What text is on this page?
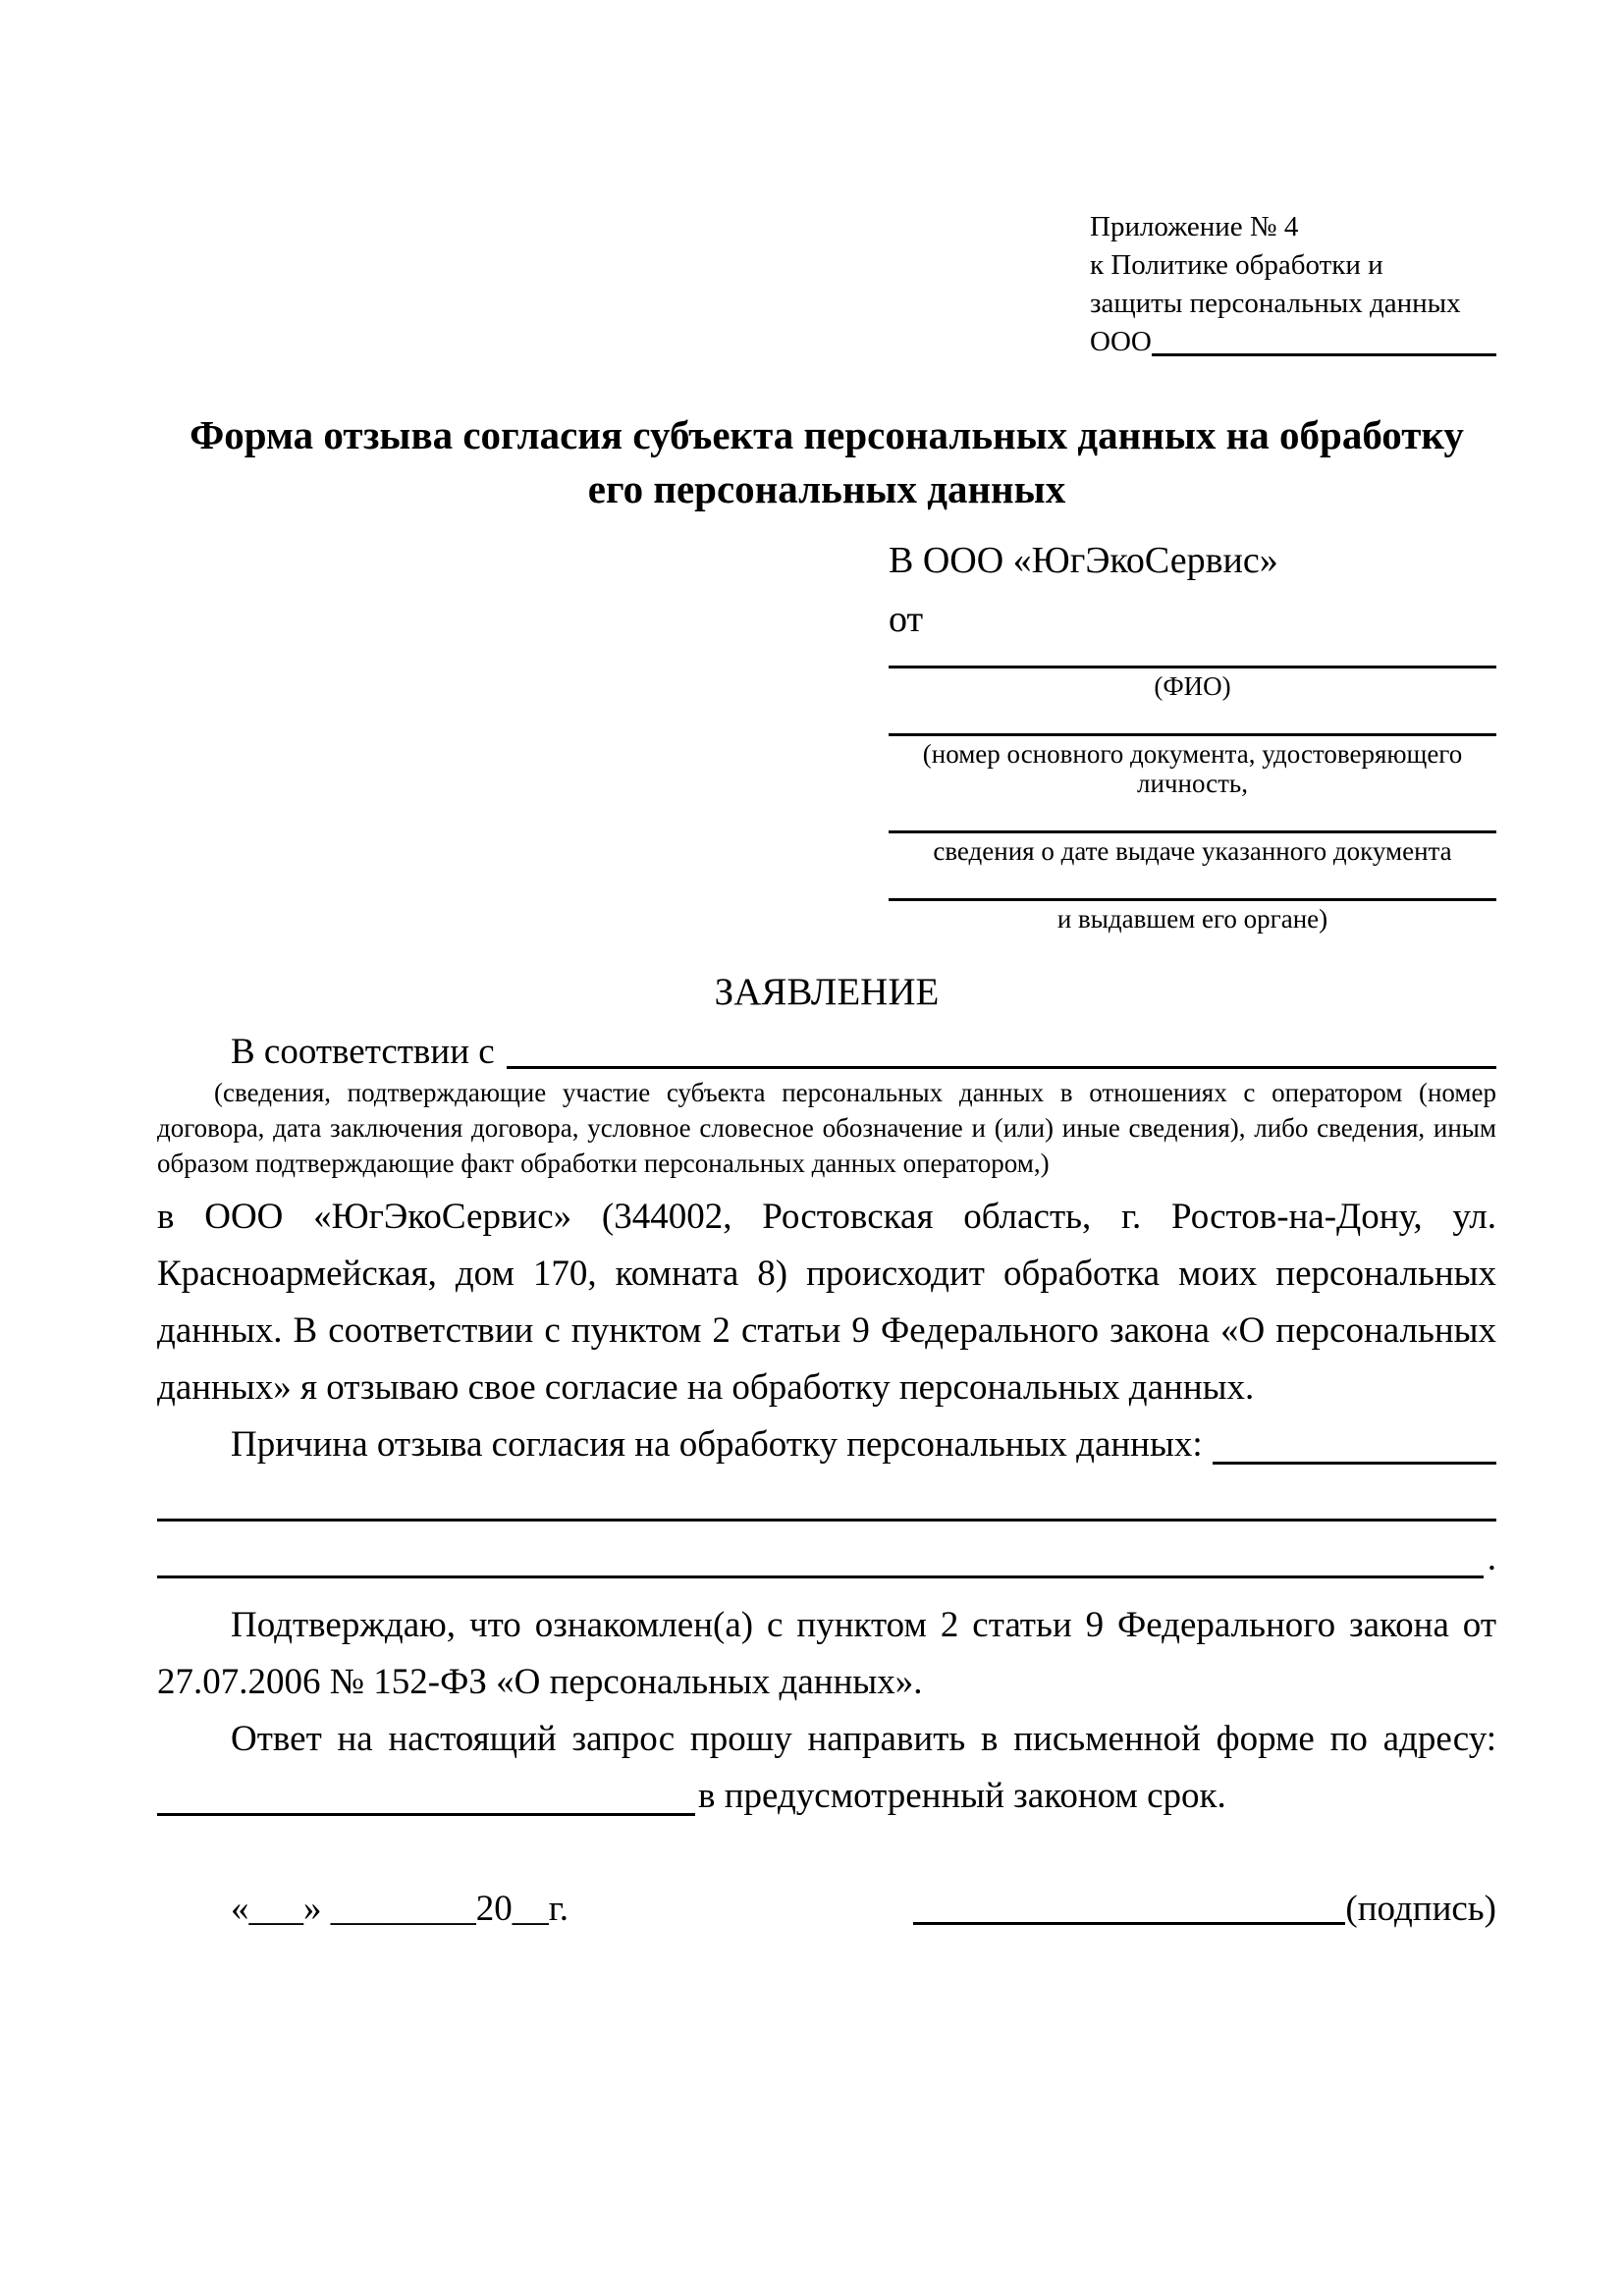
Приложение № 4
к Политике обработки и
защиты персональных данных
ООО
Форма отзыва согласия субъекта персональных данных на обработку его персональных данных
В ООО «ЮгЭкоСервис»
от
(ФИО)
(номер основного документа, удостоверяющего личность,
сведения о дате выдаче указанного документа
и выдавшем его органе)
ЗАЯВЛЕНИЕ
В соответствии с
(сведения, подтверждающие участие субъекта персональных данных в отношениях с оператором (номер договора, дата заключения договора, условное словесное обозначение и (или) иные сведения), либо сведения, иным образом подтверждающие факт обработки персональных данных оператором,)
в ООО «ЮгЭкоСервис» (344002, Ростовская область, г. Ростов-на-Дону, ул. Красноармейская, дом 170, комната 8) происходит обработка моих персональных данных. В соответствии с пунктом 2 статьи 9 Федерального закона «О персональных данных» я отзываю свое согласие на обработку персональных данных.
Причина отзыва согласия на обработку персональных данных:
.
Подтверждаю, что ознакомлен(а) с пунктом 2 статьи 9 Федерального закона от 27.07.2006 № 152-ФЗ «О персональных данных».
Ответ на настоящий запрос прошу направить в письменной форме по адресу:
в предусмотренный законом срок.
«___» ________20__г.	(подпись)
